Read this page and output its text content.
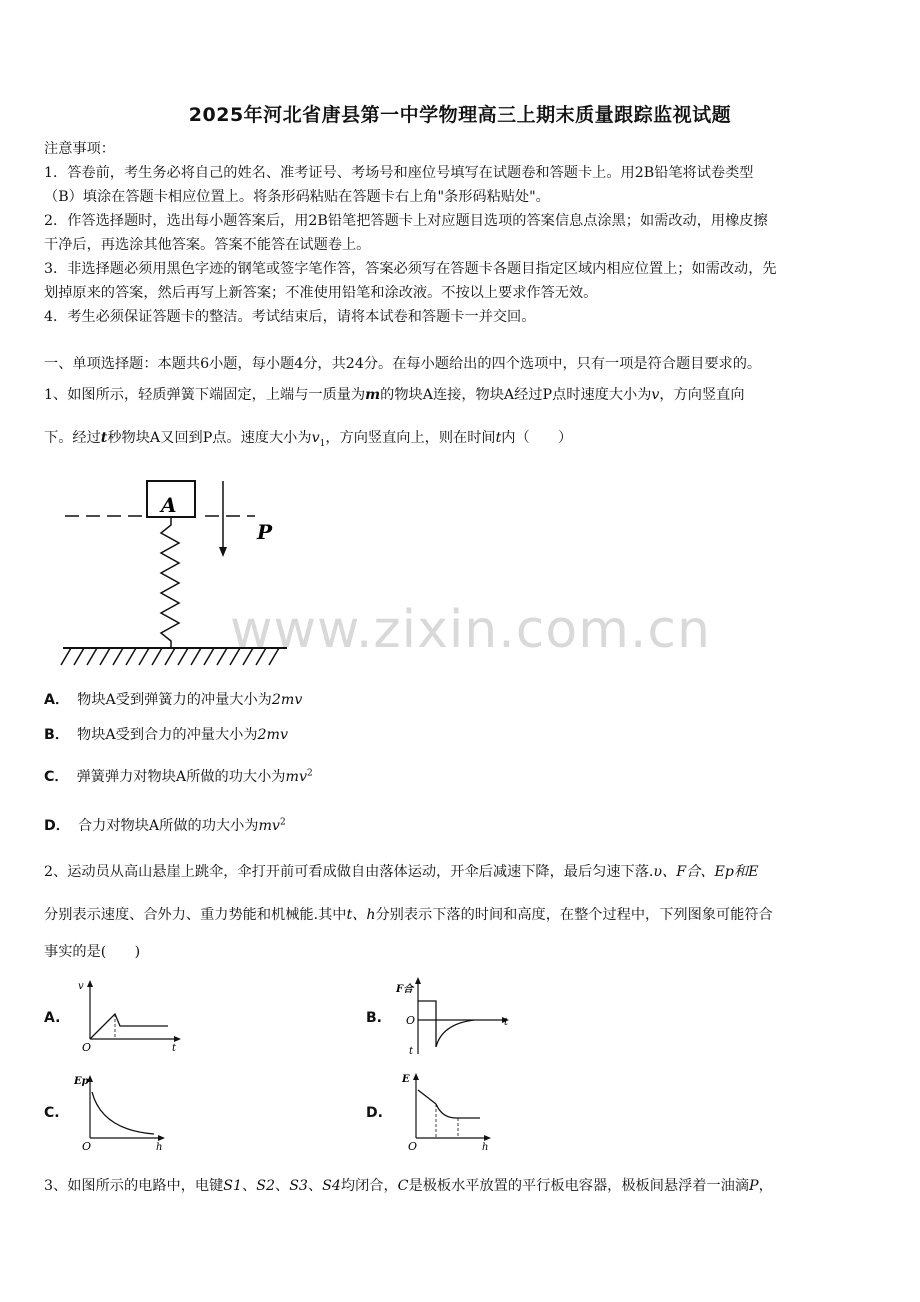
2025年河北省唐县第一中学物理高三上期末质量跟踪监视试题
注意事项：
1．答卷前，考生务必将自己的姓名、准考证号、考场号和座位号填写在试题卷和答题卡上。用2B铅笔将试卷类型
（B）填涂在答题卡相应位置上。将条形码粘贴在答题卡右上角"条形码粘贴处"。
2．作答选择题时，选出每小题答案后，用2B铅笔把答题卡上对应题目选项的答案信息点涂黑；如需改动，用橡皮擦
干净后，再选涂其他答案。答案不能答在试题卷上。
3．非选择题必须用黑色字迹的钢笔或签字笔作答，答案必须写在答题卡各题目指定区域内相应位置上；如需改动，先
划掉原来的答案，然后再写上新答案；不准使用铅笔和涂改液。不按以上要求作答无效。
4．考生必须保证答题卡的整洁。考试结束后，请将本试卷和答题卡一并交回。
一、单项选择题：本题共6小题，每小题4分，共24分。在每小题给出的四个选项中，只有一项是符合题目要求的。
1、如图所示，轻质弹簧下端固定，上端与一质量为m的物块A连接，物块A经过P点时速度大小为v，方向竖直向
下。经过t秒物块A又回到P点。速度大小为$v_1$，方向竖直向上，则在时间t内（　　）
A
P
www.zixin.com.cn
A． 物块A受到弹簧力的冲量大小为2mv
B． 物块A受到合力的冲量大小为2mv
C． 弹簧弹力对物块A所做的功大小为$mv^2$
D． 合力对物块A所做的功大小为$mv^2$
2、运动员从高山悬崖上跳伞，伞打开前可看成做自由落体运动，开伞后减速下降，最后匀速下落.υ、F合、Ep和E
分别表示速度、合外力、重力势能和机械能.其中t、h分别表示下落的时间和高度，在整个过程中，下列图象可能符合
事实的是(　　)
A.
v
t
O
B.
F合
t
O
t
C.
Ep
h
O
D.
E
h
O
3、如图所示的电路中，电键S1、S2、S3、S4均闭合，C是极板水平放置的平行板电容器，极板间悬浮着一油滴P，
